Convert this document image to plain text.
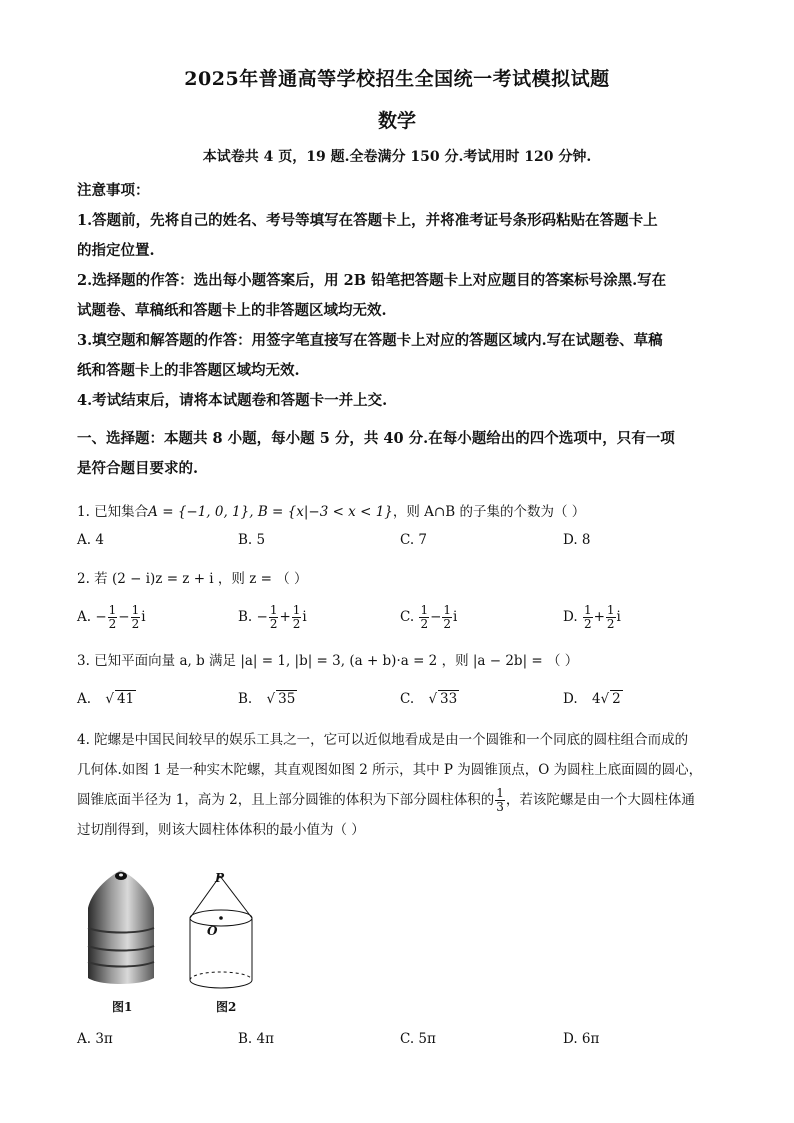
2025年普通高等学校招生全国统一考试模拟试题
数学
本试卷共 4 页，19 题.全卷满分 150 分.考试用时 120 分钟.
注意事项：
1.答题前，先将自己的姓名、考号等填写在答题卡上，并将准考证号条形码粘贴在答题卡上
的指定位置.
2.选择题的作答：选出每小题答案后，用 2B 铅笔把答题卡上对应题目的答案标号涂黑.写在
试题卷、草稿纸和答题卡上的非答题区域均无效.
3.填空题和解答题的作答：用签字笔直接写在答题卡上对应的答题区域内.写在试题卷、草稿
纸和答题卡上的非答题区域均无效.
4.考试结束后，请将本试题卷和答题卡一并上交.
一、选择题：本题共 8 小题，每小题 5 分，共 40 分.在每小题给出的四个选项中，只有一项
是符合题目要求的.
1. 已知集合A = {−1, 0, 1}, B = {x|−3 < x < 1}，则 A∩B 的子集的个数为（ ）
A. 4	B. 5	C. 7	D. 8
2. 若 (2 − i)z = z + i ，则 z = （ ）
A. − $\frac{1}{2} - \frac{1}{2}$ i	B. − $\frac{1}{2} + \frac{1}{2}$ i	C. $\frac{1}{2} - \frac{1}{2}$ i	D. $\frac{1}{2} + \frac{1}{2}$ i
3. 已知平面向量 a, b 满足 |a| = 1, |b| = 3, (a + b)·a = 2 ，则 |a − 2b| = （ ）
A. √ 41	B. √ 35	C. √ 33	D. 4√ 2
4. 陀螺是中国民间较早的娱乐工具之一，它可以近似地看成是由一个圆锥和一个同底的圆柱组合而成的
几何体.如图 1 是一种实木陀螺，其直观图如图 2 所示，其中 P 为圆锥顶点，O 为圆柱上底面圆的圆心，
圆锥底面半径为 1，高为 2，且上部分圆锥的体积为下部分圆柱体积的 $\frac{1}{3}$ ，若该陀螺是由一个大圆柱体通
过切削得到，则该大圆柱体体积的最小值为（ ）
图1
P
O
图2
A. 3π	B. 4π	C. 5π	D. 6π
